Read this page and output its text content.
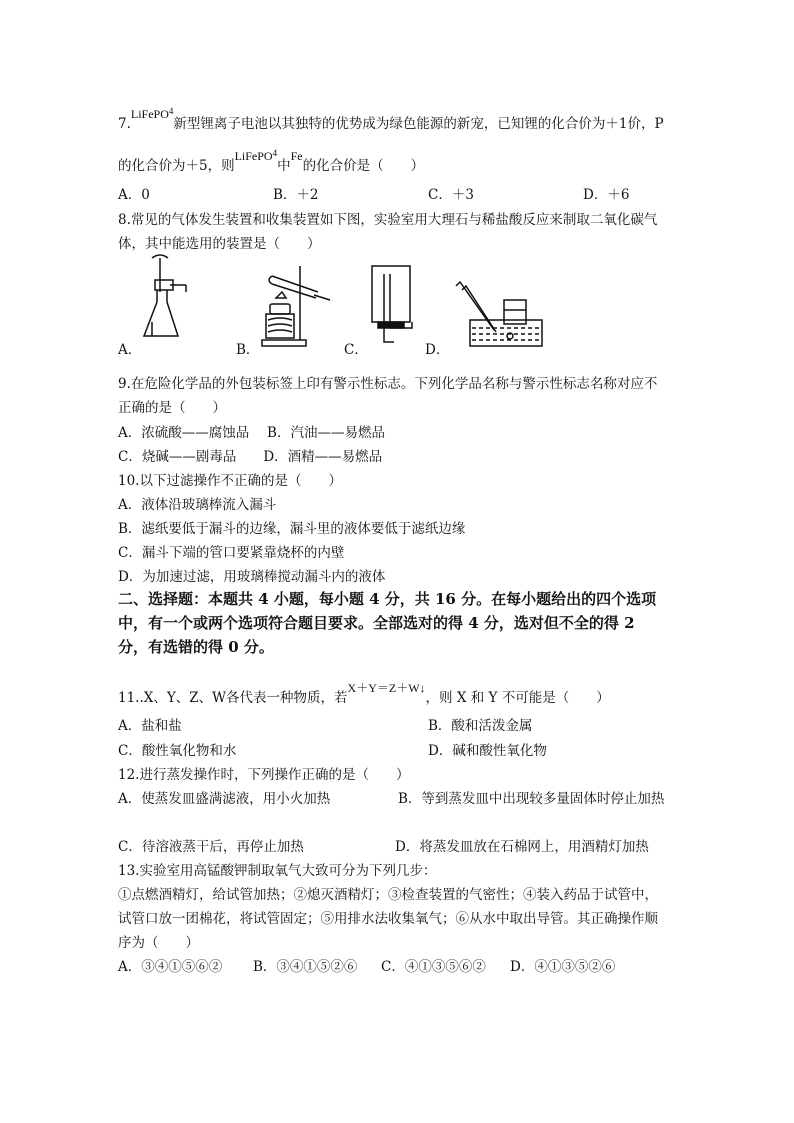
7.LiFePO$^4$新型锂离子电池以其独特的优势成为绿色能源的新宠，已知锂的化合价为＋1价，P
的化合价为＋5，则LiFePO$^4$中Fe的化合价是（　　）
A．0	B．＋2	C．＋3	D．＋6
8.常见的气体发生装置和收集装置如下图，实验室用大理石与稀盐酸反应来制取二氧化碳气
体，其中能选用的装置是（　　）
A．	B．	C．	D．
9.在危险化学品的外包装标签上印有警示性标志。下列化学品名称与警示性标志名称对应不
正确的是（　　）
A．浓硫酸——腐蚀品　 B．汽油——易燃品
C．烧碱——剧毒品　　D．酒精——易燃品
10.以下过滤操作不正确的是（　　）
A．液体沿玻璃棒流入漏斗
B．滤纸要低于漏斗的边缘，漏斗里的液体要低于滤纸边缘
C．漏斗下端的管口要紧靠烧杯的内壁
D．为加速过滤，用玻璃棒搅动漏斗内的液体
二、选择题：本题共 4 小题，每小题 4 分，共 16 分。在每小题给出的四个选项
中，有一个或两个选项符合题目要求。全部选对的得 4 分，选对但不全的得 2
分，有选错的得 0 分。
11..X、Y、Z、W各代表一种物质，若X＋Y＝Z＋W↓，则 X 和 Y 不可能是（　　）
A．盐和盐	B．酸和活泼金属
C．酸性氧化物和水	D．碱和酸性氧化物
12.进行蒸发操作时，下列操作正确的是（　　）
A．使蒸发皿盛满滤液，用小火加热	B．等到蒸发皿中出现较多量固体时停止加热
C．待溶液蒸干后，再停止加热	D．将蒸发皿放在石棉网上，用酒精灯加热
13.实验室用高锰酸钾制取氧气大致可分为下列几步：
①点燃酒精灯，给试管加热；②熄灭酒精灯；③检查装置的气密性；④装入药品于试管中，
试管口放一团棉花，将试管固定；⑤用排水法收集氧气；⑥从水中取出导管。其正确操作顺
序为（　　）
A．③④①⑤⑥② B．③④①⑤②⑥ C．④①③⑤⑥② D．④①③⑤②⑥
